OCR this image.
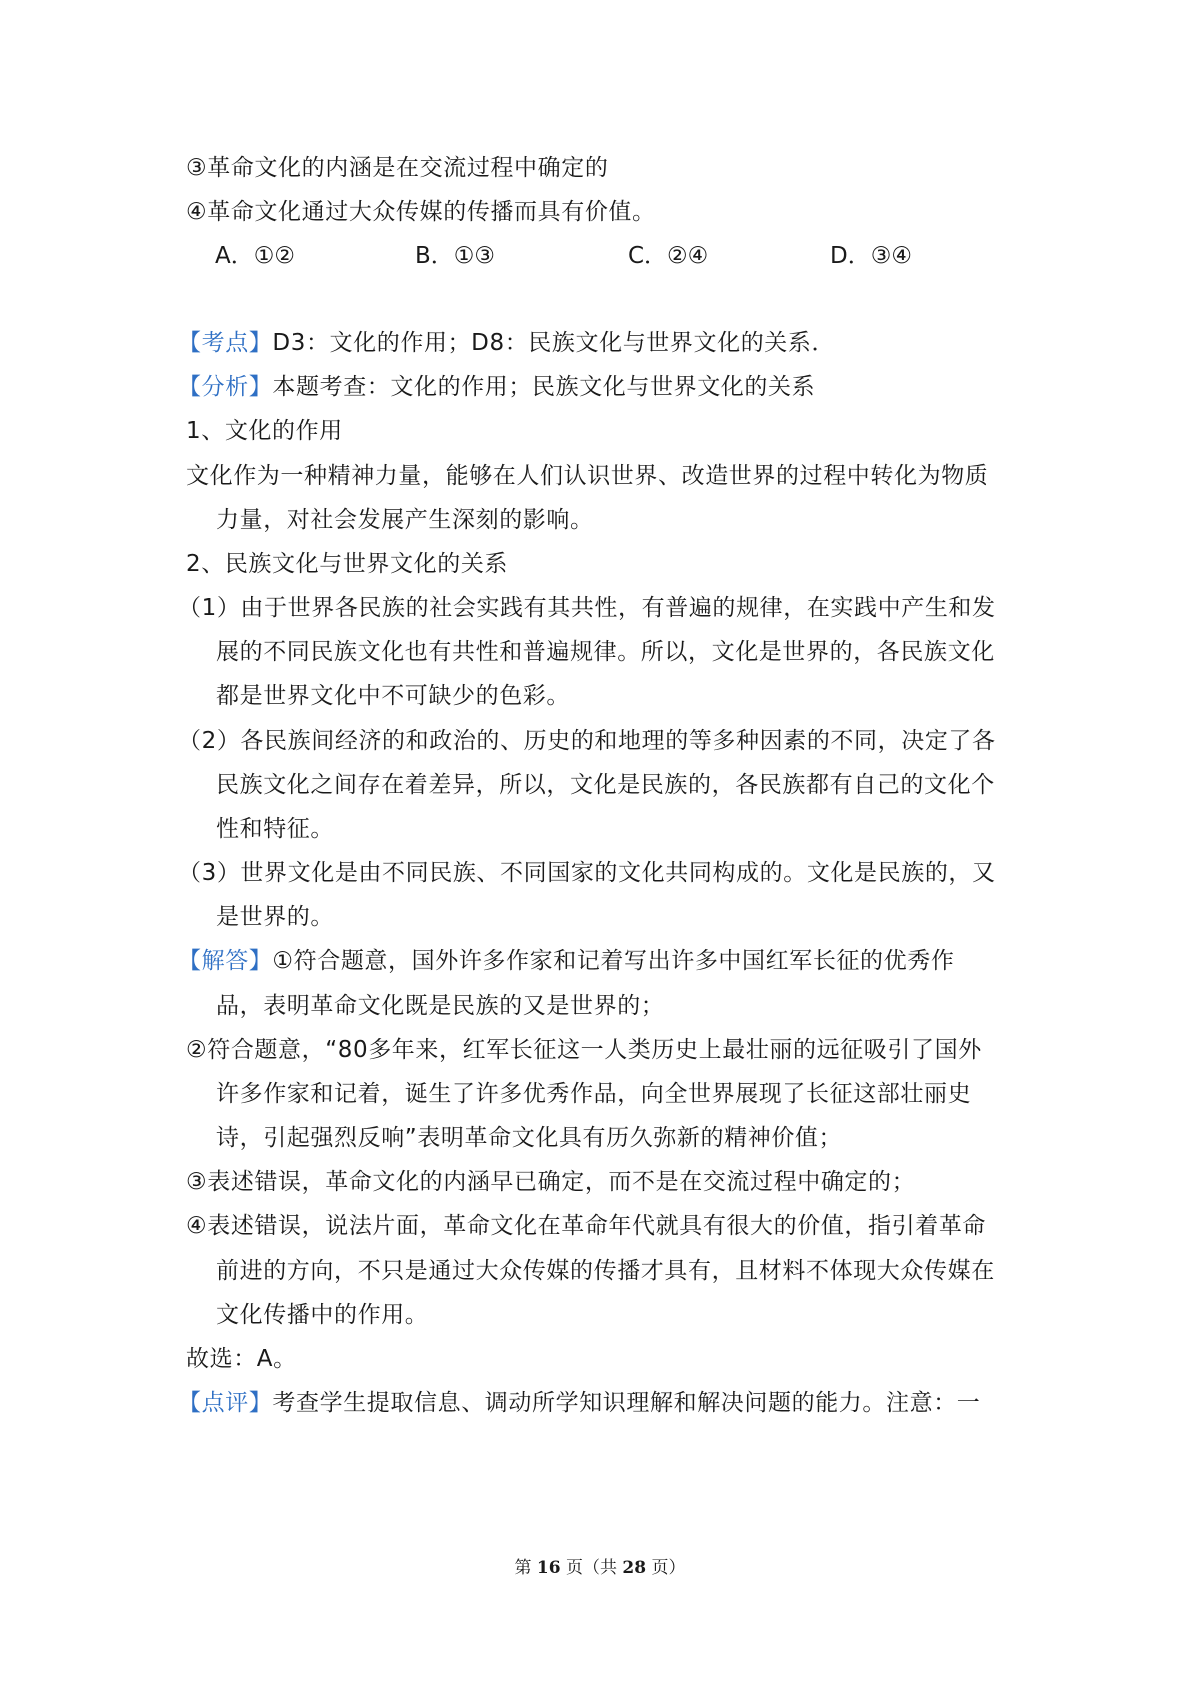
③革命文化的内涵是在交流过程中确定的
④革命文化通过大众传媒的传播而具有价值。
A．①②	B．①③	C．②④	D．③④
【考点】D3：文化的作用；D8：民族文化与世界文化的关系．
【分析】本题考查：文化的作用；民族文化与世界文化的关系
1、文化的作用
文化作为一种精神力量，能够在人们认识世界、改造世界的过程中转化为物质
力量，对社会发展产生深刻的影响。
2、民族文化与世界文化的关系
（1）由于世界各民族的社会实践有其共性，有普遍的规律，在实践中产生和发
展的不同民族文化也有共性和普遍规律。所以，文化是世界的，各民族文化
都是世界文化中不可缺少的色彩。
（2）各民族间经济的和政治的、历史的和地理的等多种因素的不同，决定了各
民族文化之间存在着差异，所以，文化是民族的，各民族都有自己的文化个
性和特征。
（3）世界文化是由不同民族、不同国家的文化共同构成的。文化是民族的，又
是世界的。
【解答】①符合题意，国外许多作家和记着写出许多中国红军长征的优秀作
品，表明革命文化既是民族的又是世界的；
②符合题意，“80多年来，红军长征这一人类历史上最壮丽的远征吸引了国外
许多作家和记着，诞生了许多优秀作品，向全世界展现了长征这部壮丽史
诗，引起强烈反响”表明革命文化具有历久弥新的精神价值；
③表述错误，革命文化的内涵早已确定，而不是在交流过程中确定的；
④表述错误，说法片面，革命文化在革命年代就具有很大的价值，指引着革命
前进的方向，不只是通过大众传媒的传播才具有，且材料不体现大众传媒在
文化传播中的作用。
故选：A。
【点评】考查学生提取信息、调动所学知识理解和解决问题的能力。注意：一
第 16 页（共 28 页）
